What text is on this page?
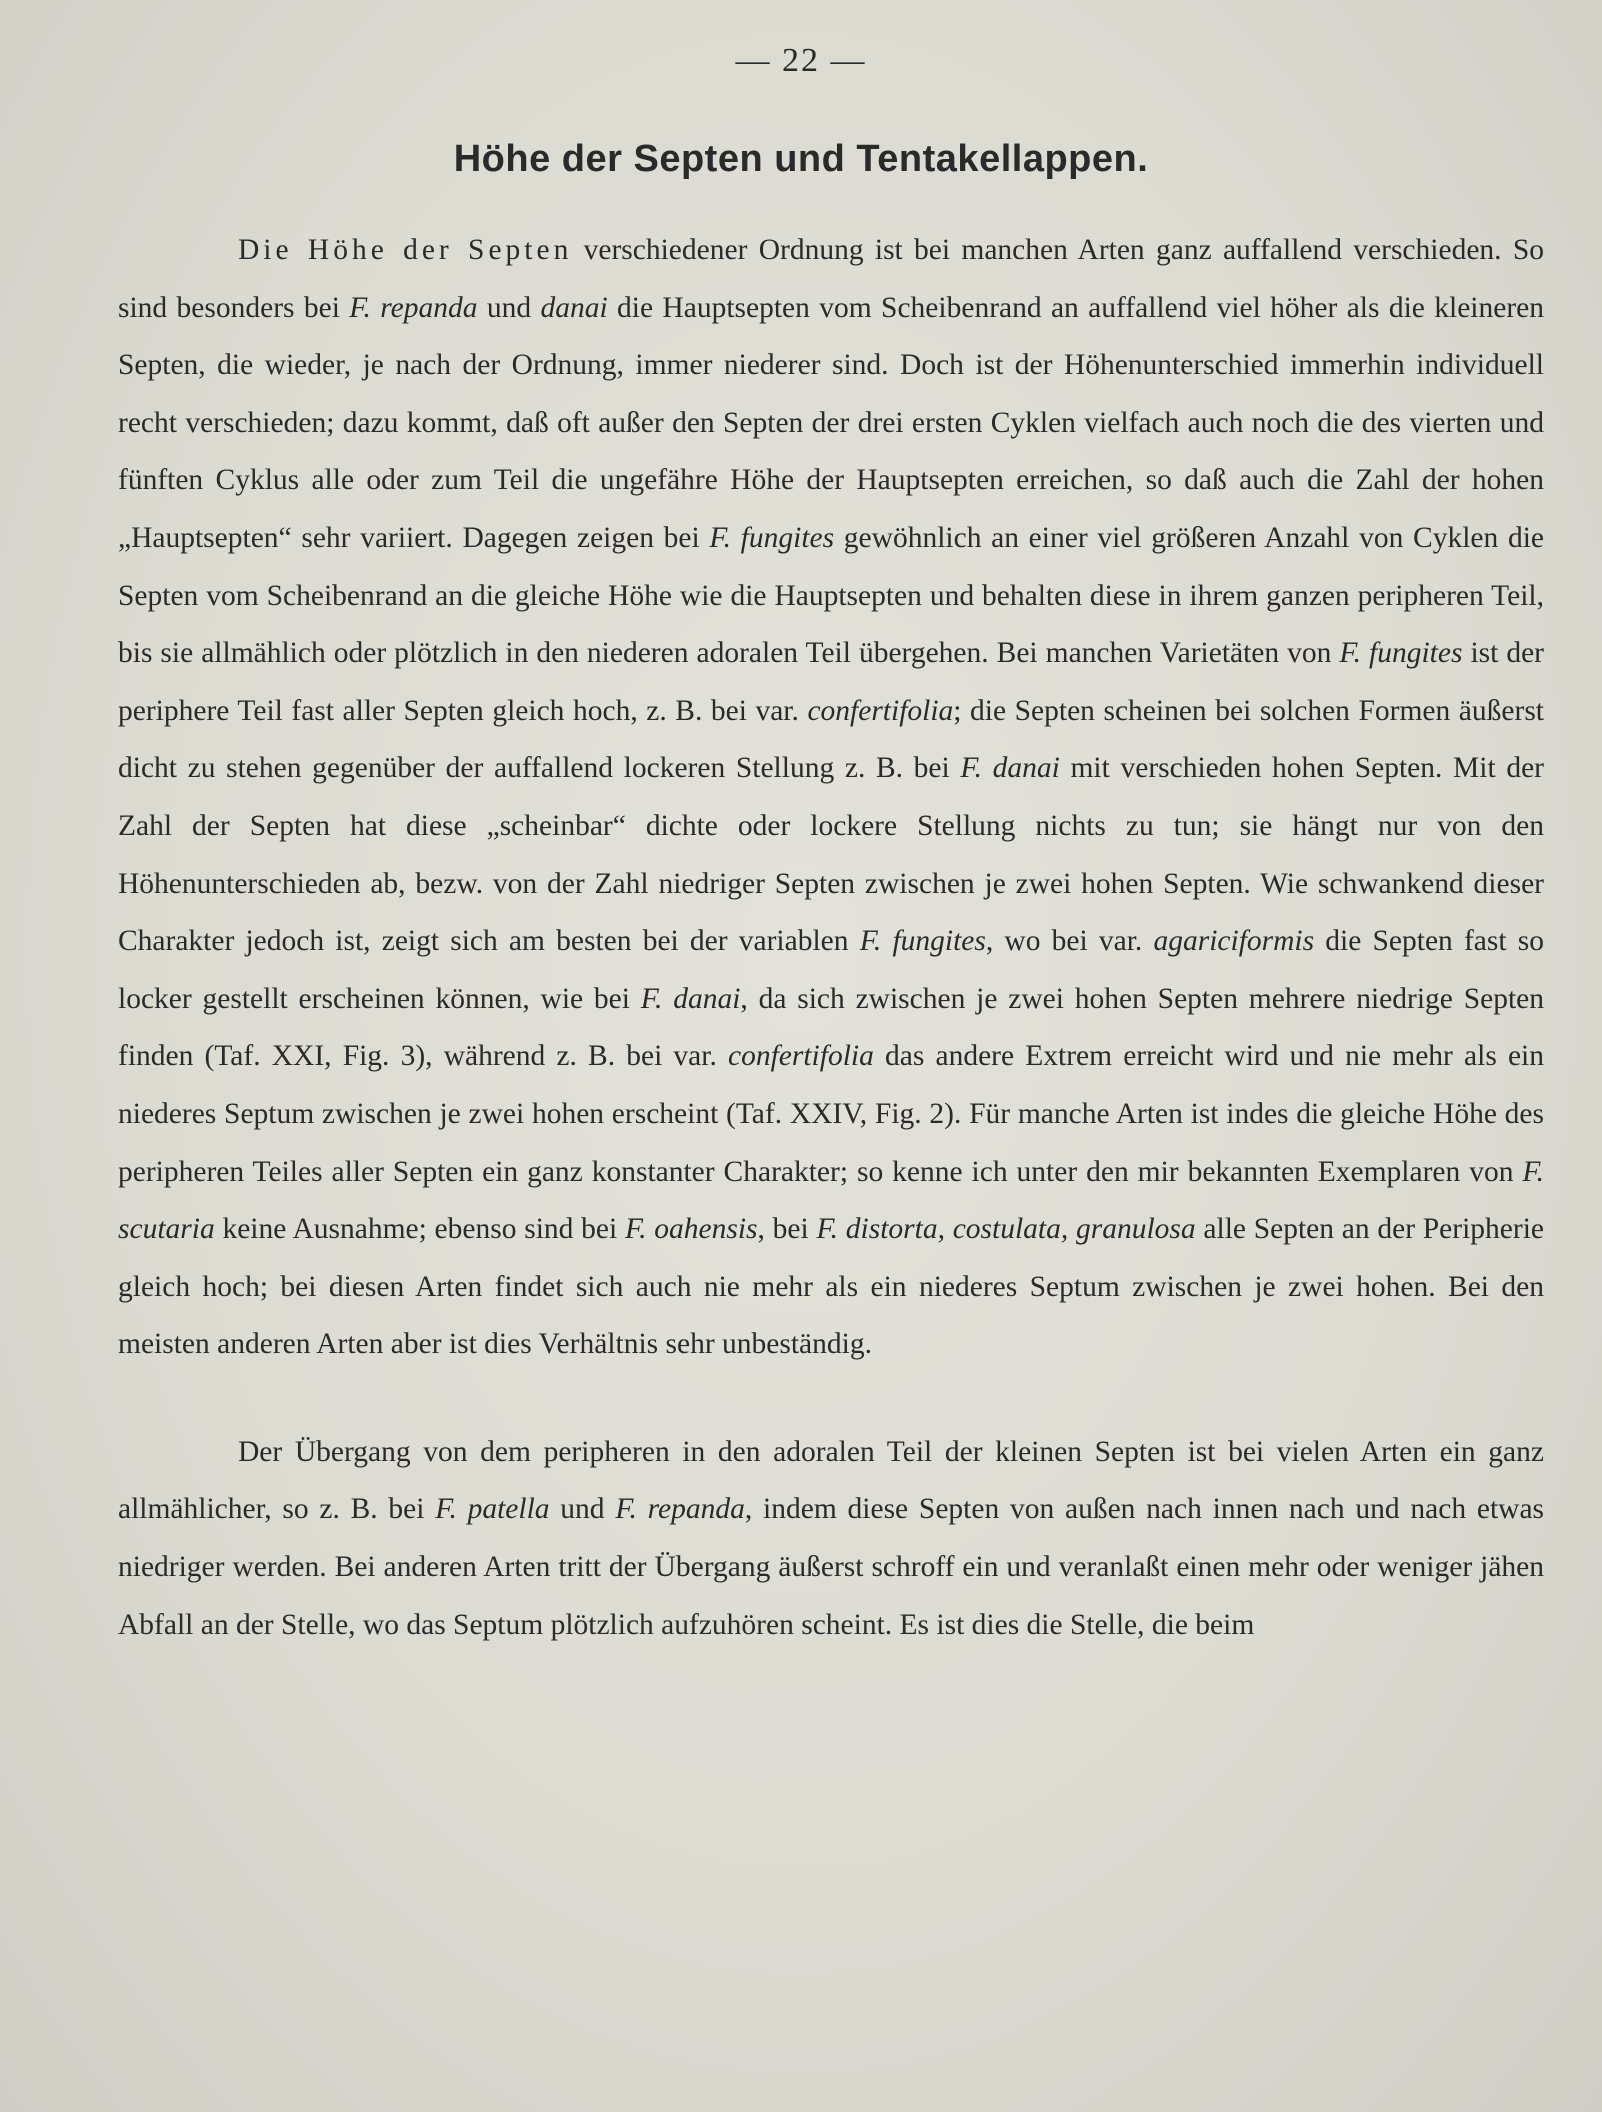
— 22 —
Höhe der Septen und Tentakellappen.

Die Höhe der Septen verschiedener Ordnung ist bei manchen Arten ganz auffallend verschieden. So sind besonders bei F. repanda und danai die Hauptsepten vom Scheibenrand an auffallend viel höher als die kleineren Septen, die wieder, je nach der Ordnung, immer niederer sind. Doch ist der Höhenunterschied immerhin individuell recht verschieden; dazu kommt, daß oft außer den Septen der drei ersten Cyklen vielfach auch noch die des vierten und fünften Cyklus alle oder zum Teil die ungefähre Höhe der Hauptsepten erreichen, so daß auch die Zahl der hohen „Hauptsepten“ sehr variiert. Dagegen zeigen bei F. fungites gewöhnlich an einer viel größeren Anzahl von Cyklen die Septen vom Scheibenrand an die gleiche Höhe wie die Hauptsepten und behalten diese in ihrem ganzen peripheren Teil, bis sie allmählich oder plötzlich in den niederen adoralen Teil übergehen. Bei manchen Varietäten von F. fungites ist der periphere Teil fast aller Septen gleich hoch, z. B. bei var. confertifolia; die Septen scheinen bei solchen Formen äußerst dicht zu stehen gegenüber der auffallend lockeren Stellung z. B. bei F. danai mit verschieden hohen Septen. Mit der Zahl der Septen hat diese „scheinbar“ dichte oder lockere Stellung nichts zu tun; sie hängt nur von den Höhenunterschieden ab, bezw. von der Zahl niedriger Septen zwischen je zwei hohen Septen. Wie schwankend dieser Charakter jedoch ist, zeigt sich am besten bei der variablen F. fungites, wo bei var. agariciformis die Septen fast so locker gestellt erscheinen können, wie bei F. danai, da sich zwischen je zwei hohen Septen mehrere niedrige Septen finden (Taf. XXI, Fig. 3), während z. B. bei var. confertifolia das andere Extrem erreicht wird und nie mehr als ein niederes Septum zwischen je zwei hohen erscheint (Taf. XXIV, Fig. 2). Für manche Arten ist indes die gleiche Höhe des peripheren Teiles aller Septen ein ganz konstanter Charakter; so kenne ich unter den mir bekannten Exemplaren von F. scutaria keine Ausnahme; ebenso sind bei F. oahensis, bei F. distorta, costulata, granulosa alle Septen an der Peripherie gleich hoch; bei diesen Arten findet sich auch nie mehr als ein niederes Septum zwischen je zwei hohen. Bei den meisten anderen Arten aber ist dies Verhältnis sehr unbeständig.

Der Übergang von dem peripheren in den adoralen Teil der kleinen Septen ist bei vielen Arten ein ganz allmählicher, so z. B. bei F. patella und F. repanda, indem diese Septen von außen nach innen nach und nach etwas niedriger werden. Bei anderen Arten tritt der Übergang äußerst schroff ein und veranlaßt einen mehr oder weniger jähen Abfall an der Stelle, wo das Septum plötzlich aufzuhören scheint. Es ist dies die Stelle, die beim
